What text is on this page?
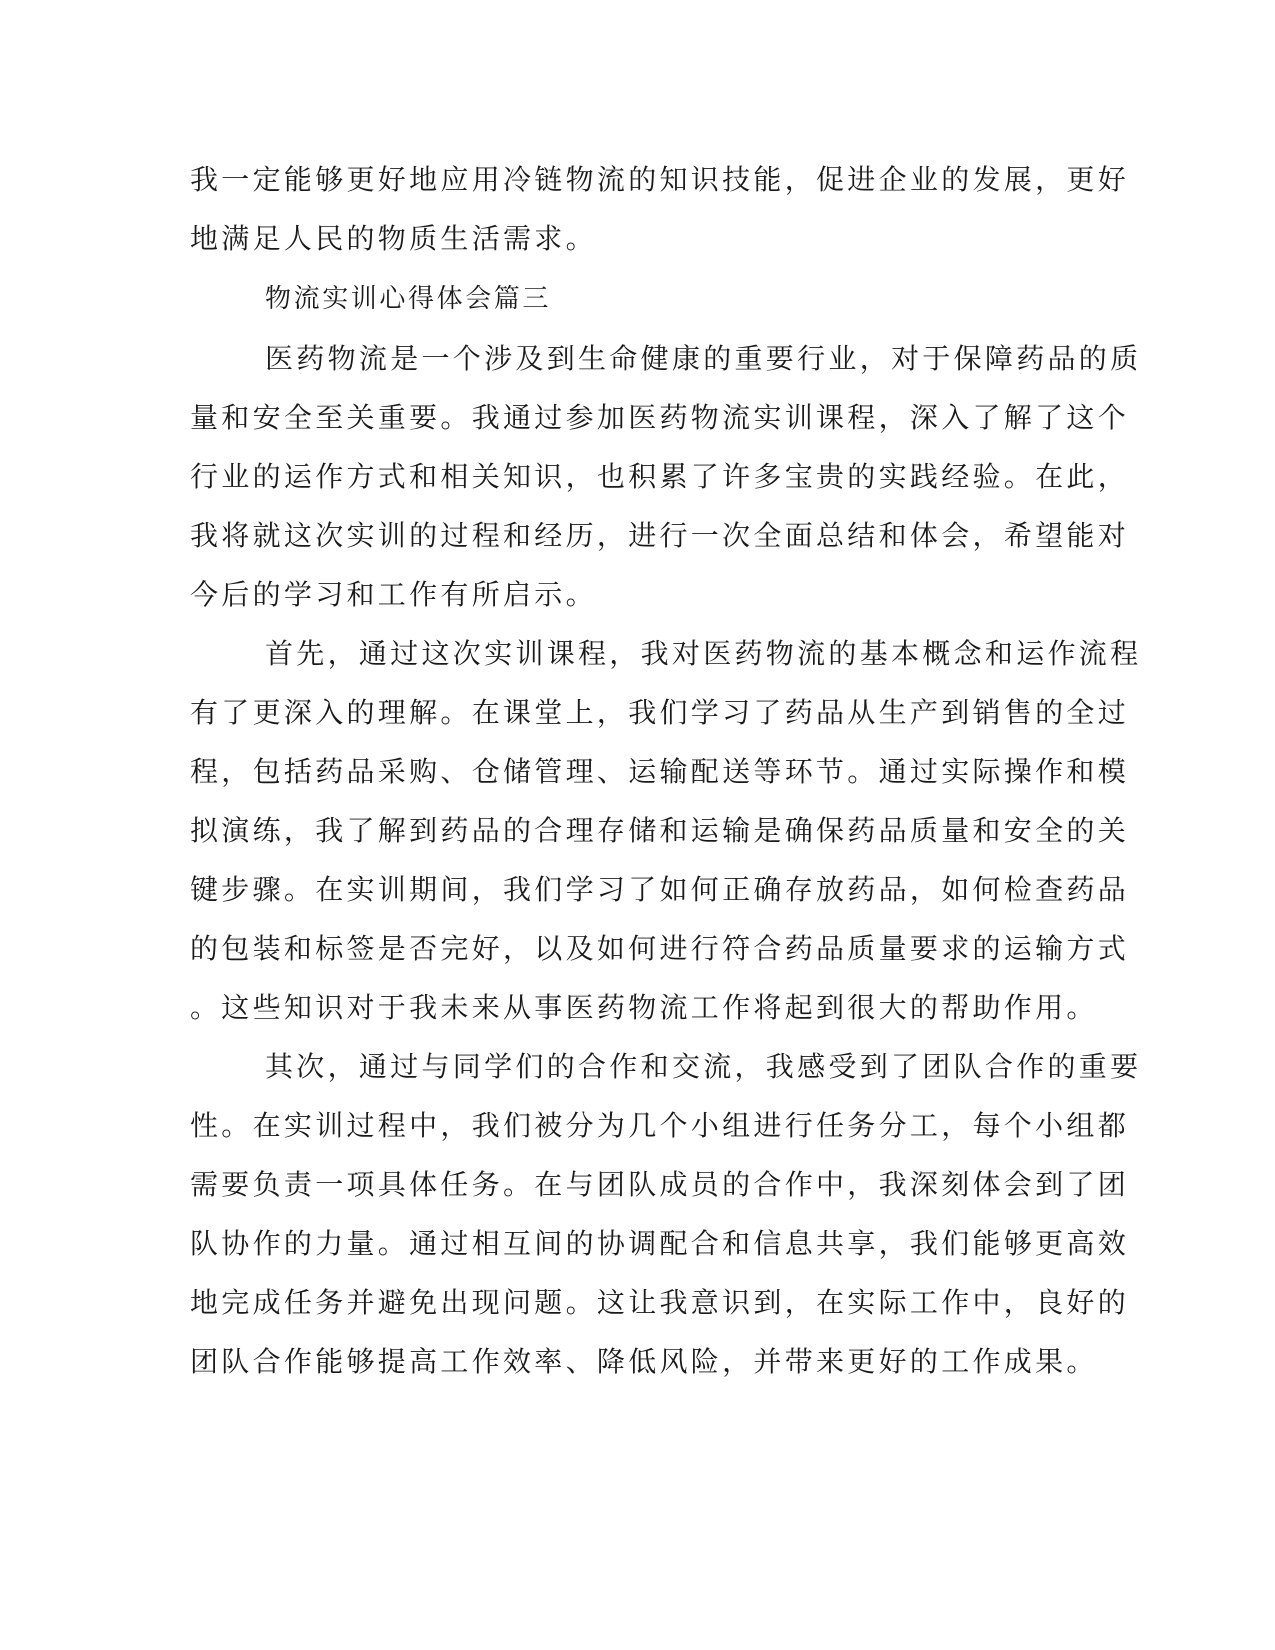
我一定能够更好地应用冷链物流的知识技能，促进企业的发展，更好
地满足人民的物质生活需求。
物流实训心得体会篇三
医药物流是一个涉及到生命健康的重要行业，对于保障药品的质
量和安全至关重要。我通过参加医药物流实训课程，深入了解了这个
行业的运作方式和相关知识，也积累了许多宝贵的实践经验。在此，
我将就这次实训的过程和经历，进行一次全面总结和体会，希望能对
今后的学习和工作有所启示。
首先，通过这次实训课程，我对医药物流的基本概念和运作流程
有了更深入的理解。在课堂上，我们学习了药品从生产到销售的全过
程，包括药品采购、仓储管理、运输配送等环节。通过实际操作和模
拟演练，我了解到药品的合理存储和运输是确保药品质量和安全的关
键步骤。在实训期间，我们学习了如何正确存放药品，如何检查药品
的包装和标签是否完好，以及如何进行符合药品质量要求的运输方式
。这些知识对于我未来从事医药物流工作将起到很大的帮助作用。
其次，通过与同学们的合作和交流，我感受到了团队合作的重要
性。在实训过程中，我们被分为几个小组进行任务分工，每个小组都
需要负责一项具体任务。在与团队成员的合作中，我深刻体会到了团
队协作的力量。通过相互间的协调配合和信息共享，我们能够更高效
地完成任务并避免出现问题。这让我意识到，在实际工作中，良好的
团队合作能够提高工作效率、降低风险，并带来更好的工作成果。
